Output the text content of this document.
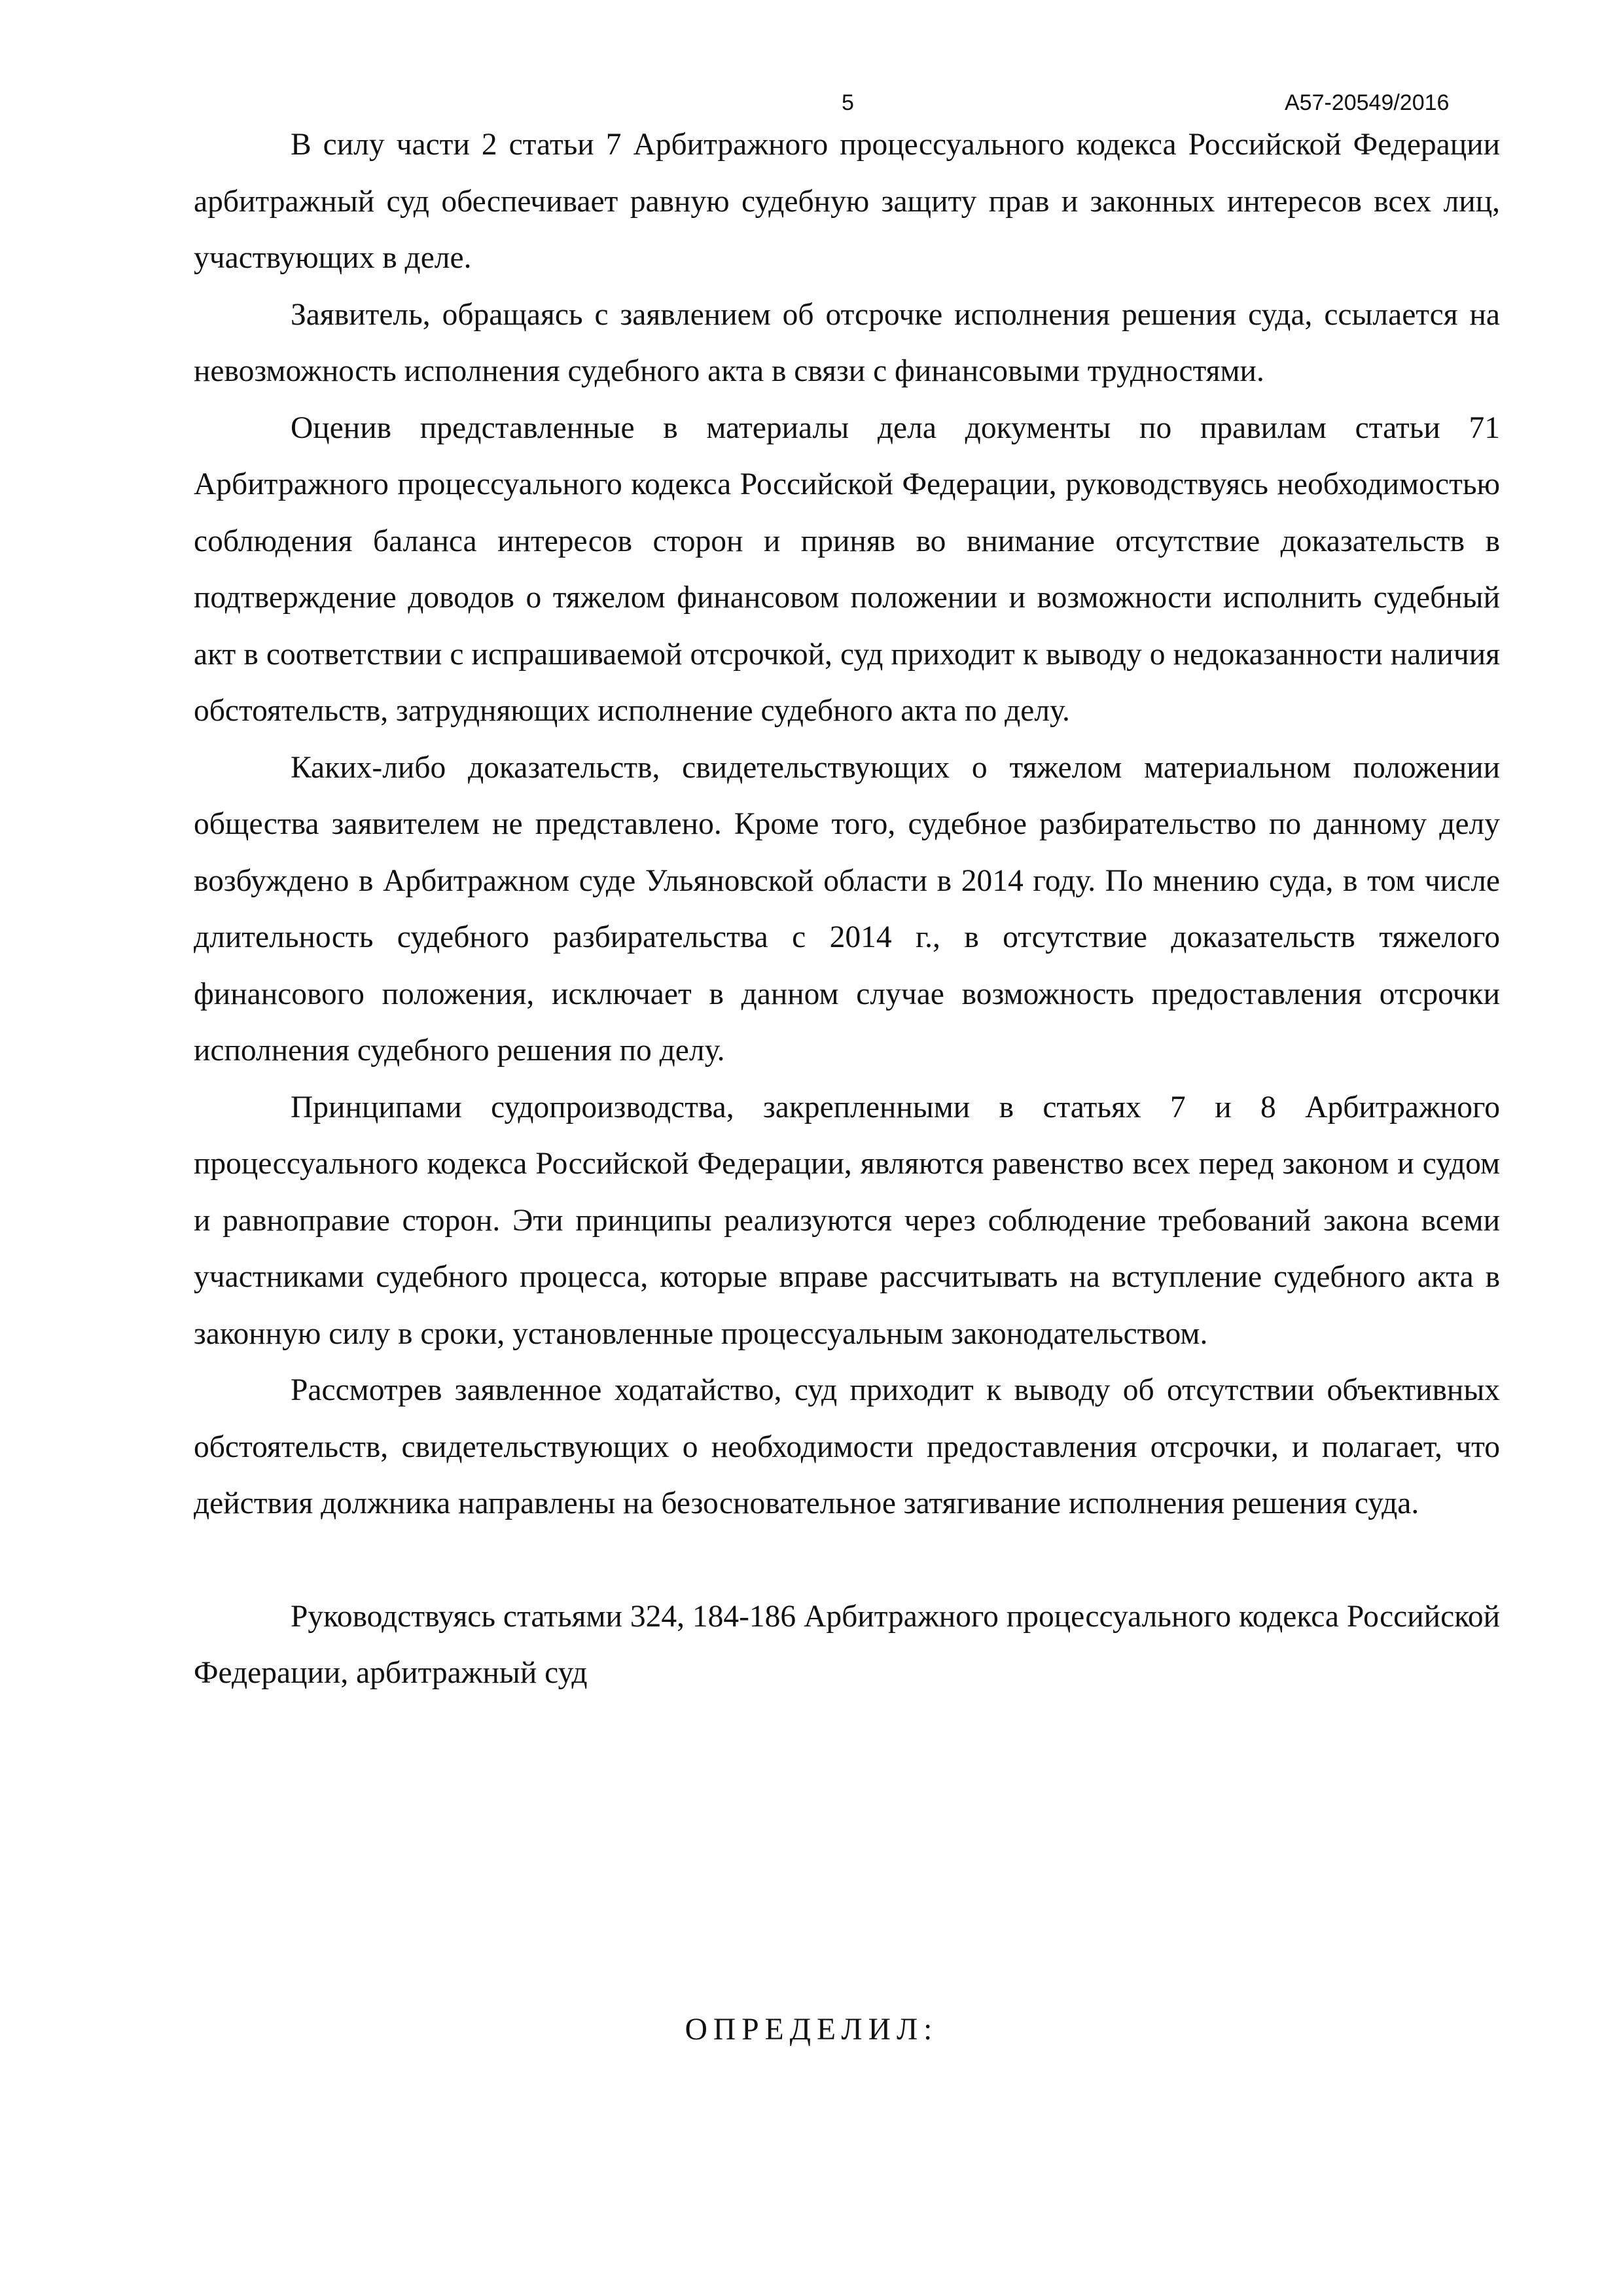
5	А57-20549/2016

В силу части 2 статьи 7 Арбитражного процессуального кодекса Российской Федерации арбитражный суд обеспечивает равную судебную защиту прав и законных интересов всех лиц, участвующих в деле.

Заявитель, обращаясь с заявлением об отсрочке исполнения решения суда, ссылается на невозможность исполнения судебного акта в связи с финансовыми трудностями.

Оценив представленные в материалы дела документы по правилам статьи 71 Арбитражного процессуального кодекса Российской Федерации, руководствуясь необходимостью соблюдения баланса интересов сторон и приняв во внимание отсутствие доказательств в подтверждение доводов о тяжелом финансовом положении и возможности исполнить судебный акт в соответствии с испрашиваемой отсрочкой, суд приходит к выводу о недоказанности наличия обстоятельств, затрудняющих исполнение судебного акта по делу.

Каких-либо доказательств, свидетельствующих о тяжелом материальном положении общества заявителем не представлено. Кроме того, судебное разбирательство по данному делу возбуждено в Арбитражном суде Ульяновской области в 2014 году. По мнению суда, в том числе длительность судебного разбирательства с 2014 г., в отсутствие доказательств тяжелого финансового положения, исключает в данном случае возможность предоставления отсрочки исполнения судебного решения по делу.

Принципами судопроизводства, закрепленными в статьях 7 и 8 Арбитражного процессуального кодекса Российской Федерации, являются равенство всех перед законом и судом и равноправие сторон. Эти принципы реализуются через соблюдение требований закона всеми участниками судебного процесса, которые вправе рассчитывать на вступление судебного акта в законную силу в сроки, установленные процессуальным законодательством.

Рассмотрев заявленное ходатайство, суд приходит к выводу об отсутствии объективных обстоятельств, свидетельствующих о необходимости предоставления отсрочки, и полагает, что действия должника направлены на безосновательное затягивание исполнения решения суда.

Руководствуясь статьями 324, 184-186 Арбитражного процессуального кодекса Российской Федерации, арбитражный суд

ОПРЕДЕЛИЛ:
